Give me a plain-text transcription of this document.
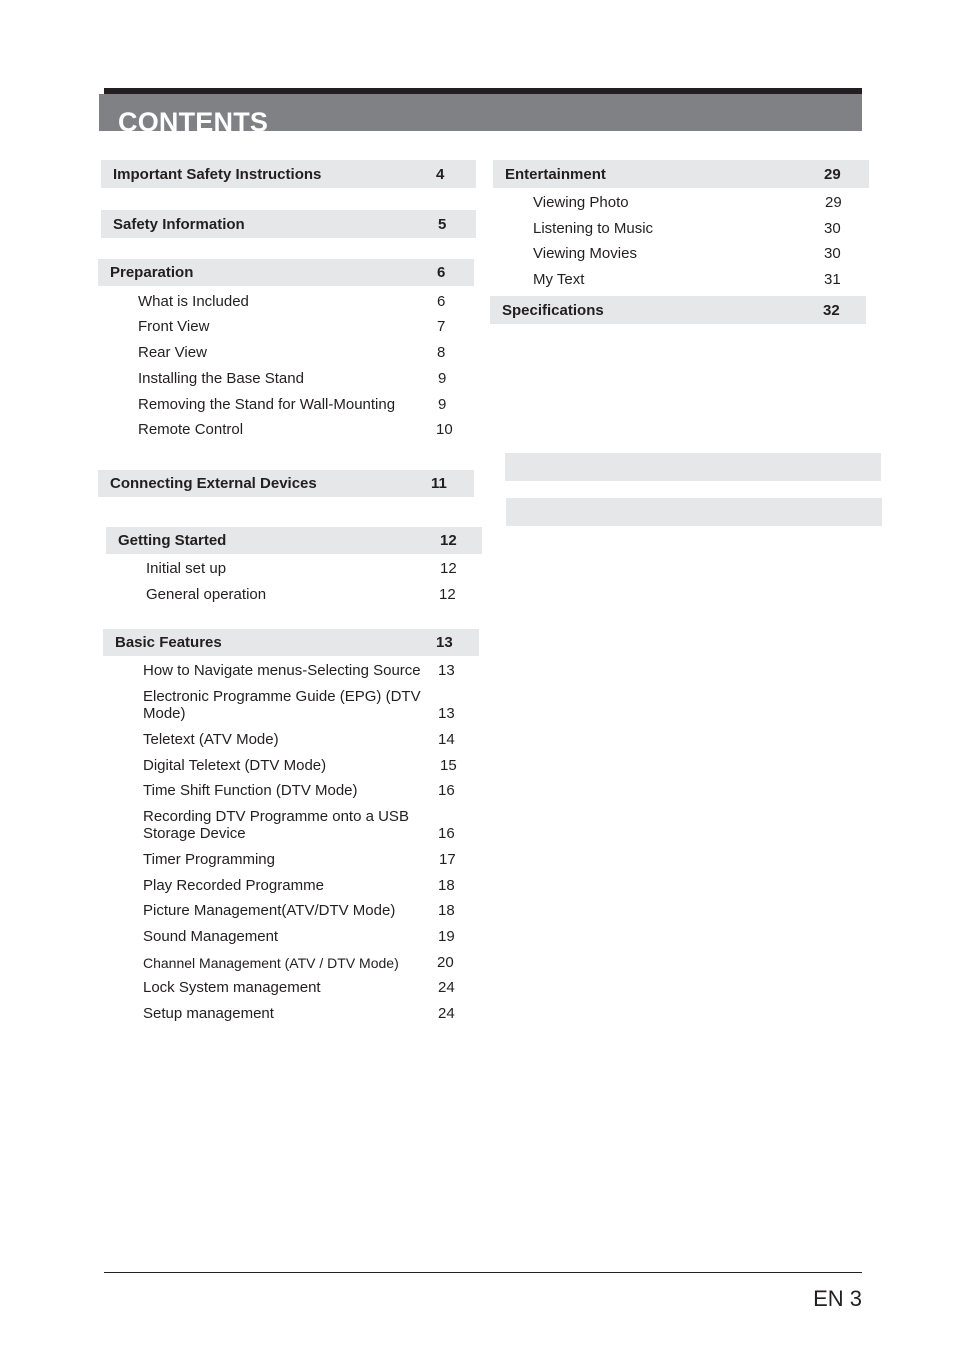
CONTENTS
Important Safety Instructions	4
Safety Information	5
Preparation	6
What is Included	6
Front View	7
Rear View	8
Installing the Base Stand	9
Removing the Stand for Wall-Mounting	9
Remote Control	10
Connecting External Devices	11
Getting Started	12
Initial set up	12
General operation	12
Basic Features	13
How to Navigate menus-Selecting Source 13
Electronic Programme Guide (EPG) (DTV
Mode)	13
Teletext (ATV Mode)	14
Digital Teletext (DTV Mode)	15
Time Shift Function (DTV Mode)	16
Recording DTV Programme onto a USB
Storage Device	16
Timer Programming	17
Play Recorded Programme	18
Picture Management(ATV/DTV Mode)	18
Sound Management	19
Channel Management (ATV / DTV Mode)	20
Lock System management	24
Setup management	24
Entertainment	29
Viewing Photo	29
Listening to Music	30
Viewing Movies	30
My Text	31
Specifications	32
EN 3
